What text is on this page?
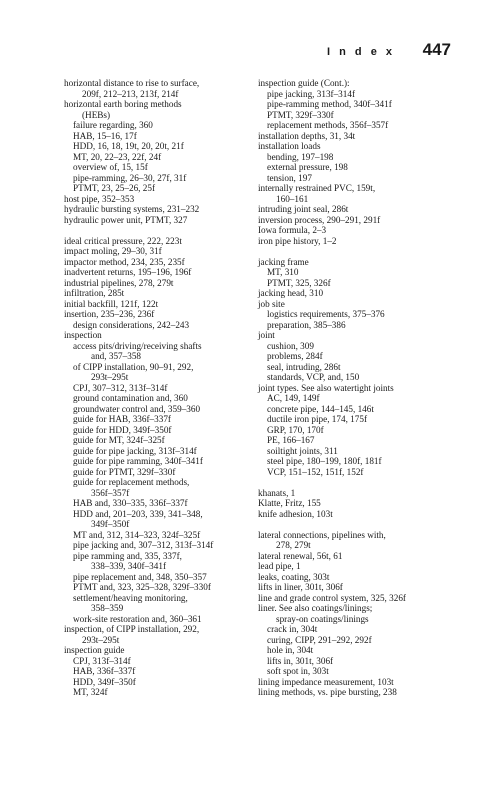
I n d e x 447
horizontal distance to rise to surface,
209f, 212–213, 213f, 214f
horizontal earth boring methods
(HEBs)
failure regarding, 360
HAB, 15–16, 17f
HDD, 16, 18, 19t, 20, 20t, 21f
MT, 20, 22–23, 22f, 24f
overview of, 15, 15f
pipe-ramming, 26–30, 27f, 31f
PTMT, 23, 25–26, 25f
host pipe, 352–353
hydraulic bursting systems, 231–232
hydraulic power unit, PTMT, 327
ideal critical pressure, 222, 223t
impact moling, 29–30, 31f
impactor method, 234, 235, 235f
inadvertent returns, 195–196, 196f
industrial pipelines, 278, 279t
infiltration, 285t
initial backfill, 121f, 122t
insertion, 235–236, 236f
design considerations, 242–243
inspection
access pits/driving/receiving shafts
and, 357–358
of CIPP installation, 90–91, 292,
293t–295t
CPJ, 307–312, 313f–314f
ground contamination and, 360
groundwater control and, 359–360
guide for HAB, 336f–337f
guide for HDD, 349f–350f
guide for MT, 324f–325f
guide for pipe jacking, 313f–314f
guide for pipe ramming, 340f–341f
guide for PTMT, 329f–330f
guide for replacement methods,
356f–357f
HAB and, 330–335, 336f–337f
HDD and, 201–203, 339, 341–348,
349f–350f
MT and, 312, 314–323, 324f–325f
pipe jacking and, 307–312, 313f–314f
pipe ramming and, 335, 337f,
338–339, 340f–341f
pipe replacement and, 348, 350–357
PTMT and, 323, 325–328, 329f–330f
settlement/heaving monitoring,
358–359
work-site restoration and, 360–361
inspection, of CIPP installation, 292,
293t–295t
inspection guide
CPJ, 313f–314f
HAB, 336f–337f
HDD, 349f–350f
MT, 324f
inspection guide (Cont.):
pipe jacking, 313f–314f
pipe-ramming method, 340f–341f
PTMT, 329f–330f
replacement methods, 356f–357f
installation depths, 31, 34t
installation loads
bending, 197–198
external pressure, 198
tension, 197
internally restrained PVC, 159t,
160–161
intruding joint seal, 286t
inversion process, 290–291, 291f
Iowa formula, 2–3
iron pipe history, 1–2
jacking frame
MT, 310
PTMT, 325, 326f
jacking head, 310
job site
logistics requirements, 375–376
preparation, 385–386
joint
cushion, 309
problems, 284f
seal, intruding, 286t
standards, VCP, and, 150
joint types. See also watertight joints
AC, 149, 149f
concrete pipe, 144–145, 146t
ductile iron pipe, 174, 175f
GRP, 170, 170f
PE, 166–167
soiltight joints, 311
steel pipe, 180–199, 180f, 181f
VCP, 151–152, 151f, 152f
khanats, 1
Klatte, Fritz, 155
knife adhesion, 103t
lateral connections, pipelines with,
278, 279t
lateral renewal, 56t, 61
lead pipe, 1
leaks, coating, 303t
lifts in liner, 301t, 306f
line and grade control system, 325, 326f
liner. See also coatings/linings;
spray-on coatings/linings
crack in, 304t
curing, CIPP, 291–292, 292f
hole in, 304t
lifts in, 301t, 306f
soft spot in, 303t
lining impedance measurement, 103t
lining methods, vs. pipe bursting, 238
